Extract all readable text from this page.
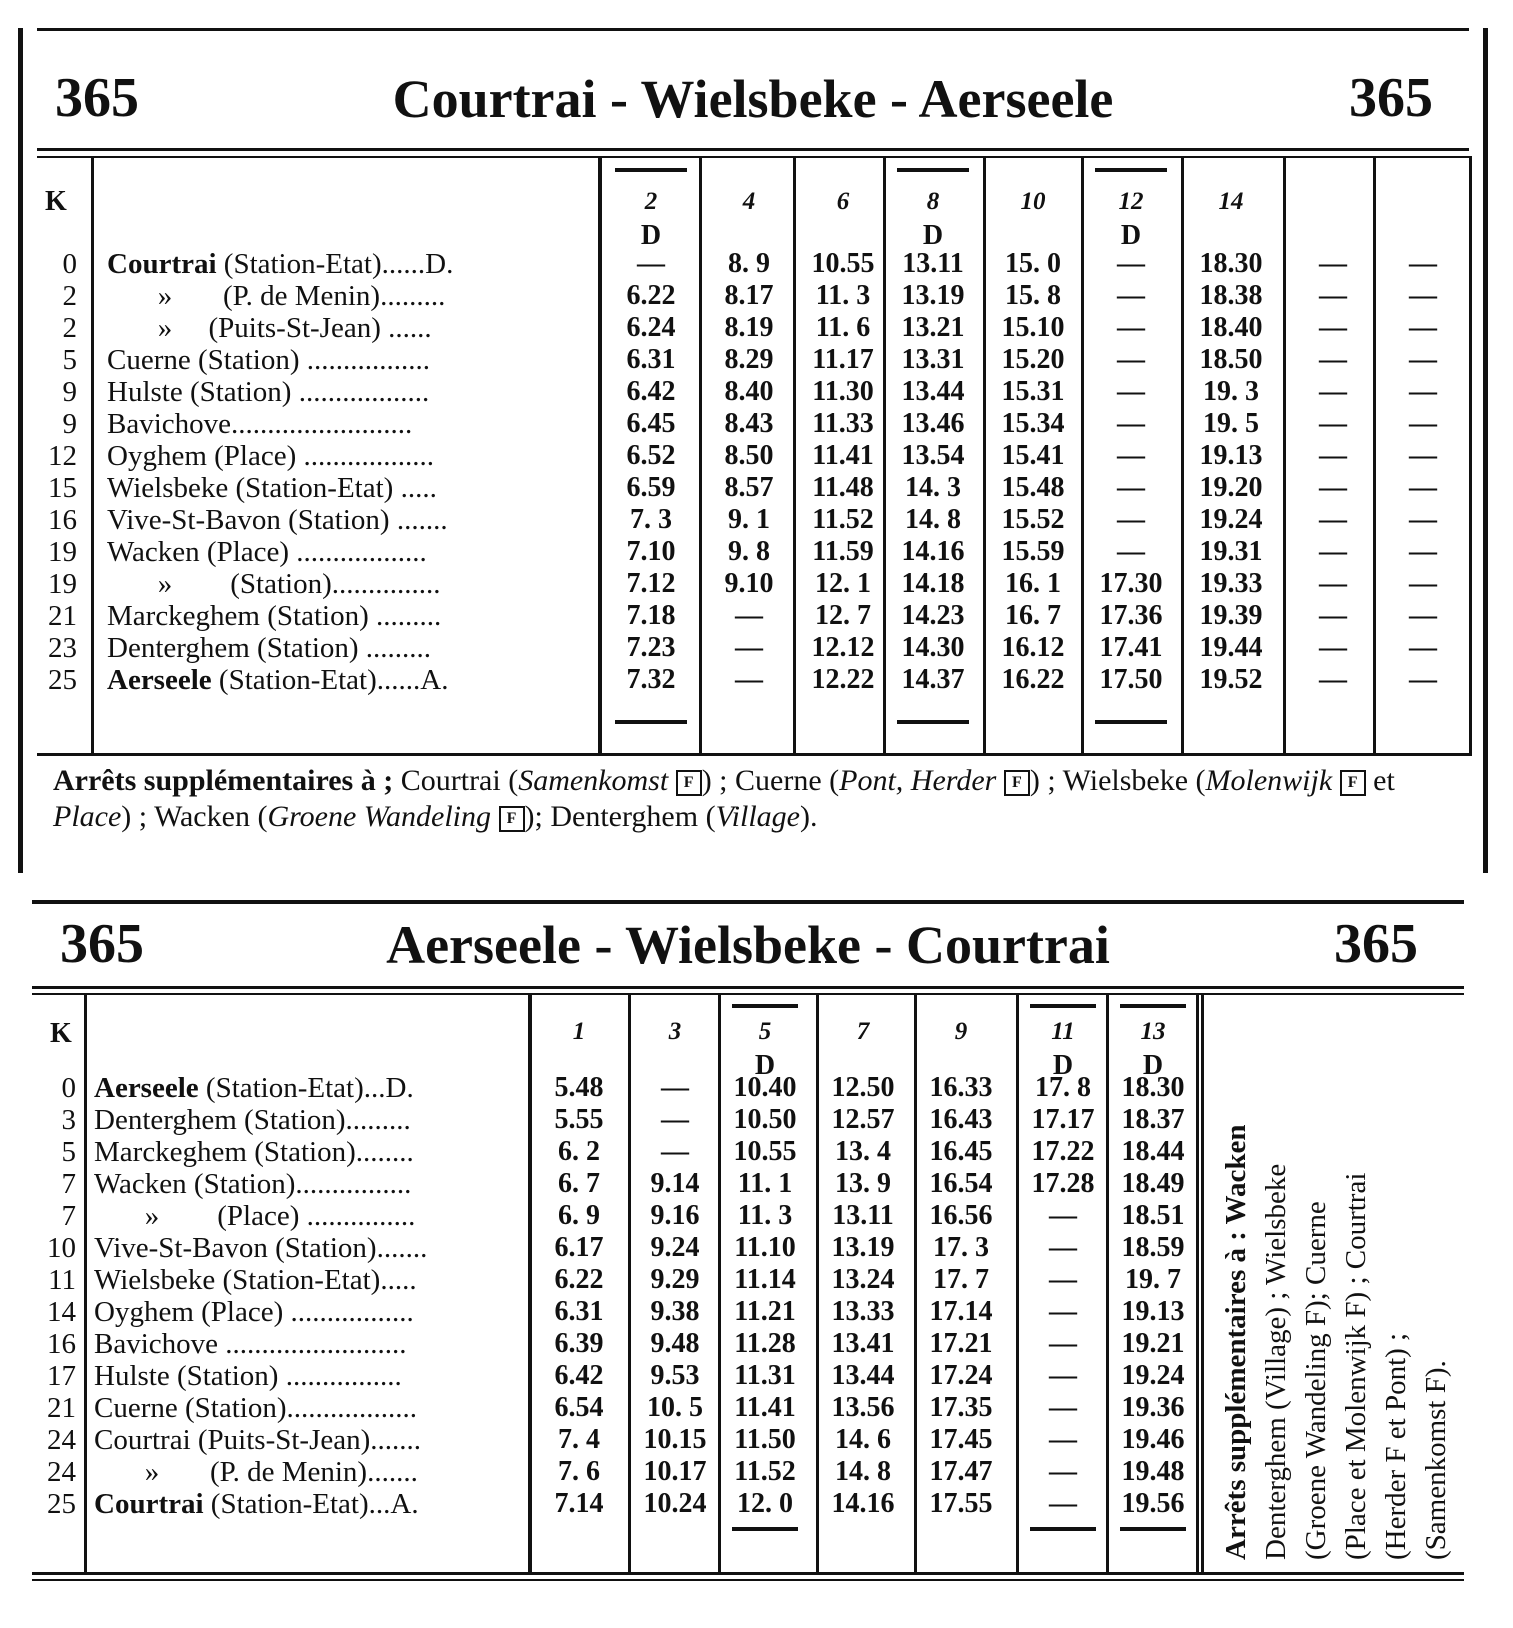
365	Courtrai - Wielsbeke - Aerseele	365
K	2
D
4	6	8
D
10	12
D
14
0 Courtrai (Station-Etat)......D.	—	8. 9	10.55 13.11	15. 0	—	18.30	—	—
2 »       (P. de Menin).........	6.22	8.17	11. 3	13.19	15. 8	—	18.38	—	—
2 »     (Puits-St-Jean) ......	6.24	8.19	11. 6	13.21	15.10	—	18.40	—	—
5 Cuerne (Station) .................	6.31	8.29	11.17 13.31	15.20	—	18.50	—	—
9 Hulste (Station) ..................	6.42	8.40	11.30 13.44	15.31	—	19. 3	—	—
9 Bavichove.........................	6.45	8.43	11.33 13.46	15.34	—	19. 5	—	—
12 Oyghem (Place) ..................	6.52	8.50	11.41 13.54	15.41	—	19.13	—	—
15 Wielsbeke (Station-Etat) .....	6.59	8.57	11.48	14. 3	15.48	—	19.20	—	—
16 Vive-St-Bavon (Station) .......	7. 3	9. 1	11.52	14. 8	15.52	—	19.24	—	—
19 Wacken (Place) ..................	7.10	9. 8	11.59 14.16	15.59	—	19.31	—	—
19 »        (Station)...............	7.12	9.10	12. 1	14.18	16. 1	17.30	19.33	—	—
21 Marckeghem (Station) .........	7.18	—	12. 7	14.23	16. 7	17.36	19.39	—	—
23 Denterghem (Station) .........	7.23	—	12.12 14.30	16.12	17.41	19.44	—	—
25 Aerseele (Station-Etat)......A.	7.32	—	12.22 14.37	16.22	17.50	19.52	—	—
Arrêts supplémentaires à ; Courtrai (Samenkomst F ) ; Cuerne (Pont, Herder F ) ; Wielsbeke (Molenwijk F et Place) ; Wacken (Groene Wandeling F ); Denterghem (Village).
365	Aerseele - Wielsbeke - Courtrai	365
K	1	3	5
D
7	9	11
D
13
D
0 Aerseele (Station-Etat)...D.	5.48	—	10.40	12.50	16.33	17. 8	18.30
3 Denterghem (Station).........	5.55	—	10.50	12.57	16.43	17.17 18.37
5 Marckeghem (Station)........	6. 2	—	10.55	13. 4	16.45	17.22 18.44
7 Wacken (Station)................	6. 7	9.14	11. 1	13. 9	16.54	17.28 18.49
7 »        (Place) ...............	6. 9	9.16	11. 3	13.11	16.56	—	18.51
10 Vive-St-Bavon (Station).......	6.17	9.24	11.10	13.19	17. 3	—	18.59
11 Wielsbeke (Station-Etat).....	6.22	9.29	11.14	13.24	17. 7	—	19. 7
14 Oyghem (Place) .................	6.31	9.38	11.21	13.33	17.14	—	19.13
16 Bavichove .........................	6.39	9.48	11.28	13.41	17.21	—	19.21
17 Hulste (Station) ................	6.42	9.53	11.31	13.44	17.24	—	19.24
21 Cuerne (Station)..................	6.54	10. 5	11.41	13.56	17.35	—	19.36
24 Courtrai (Puits-St-Jean).......	7. 4	10.15 11.50	14. 6	17.45	—	19.46
24 »       (P. de Menin).......	7. 6	10.17 11.52	14. 8	17.47	—	19.48
25 Courtrai (Station-Etat)...A.	7.14	10.24	12. 0	14.16	17.55	—	19.56	Arrêts supplémentaires à : Wacken Denterghem (Village) ; Wielsbeke (Groene Wandeling F); Cuerne (Place et Molenwijk F) ; Courtrai (Herder F et Pont) ; (Samenkomst F).
